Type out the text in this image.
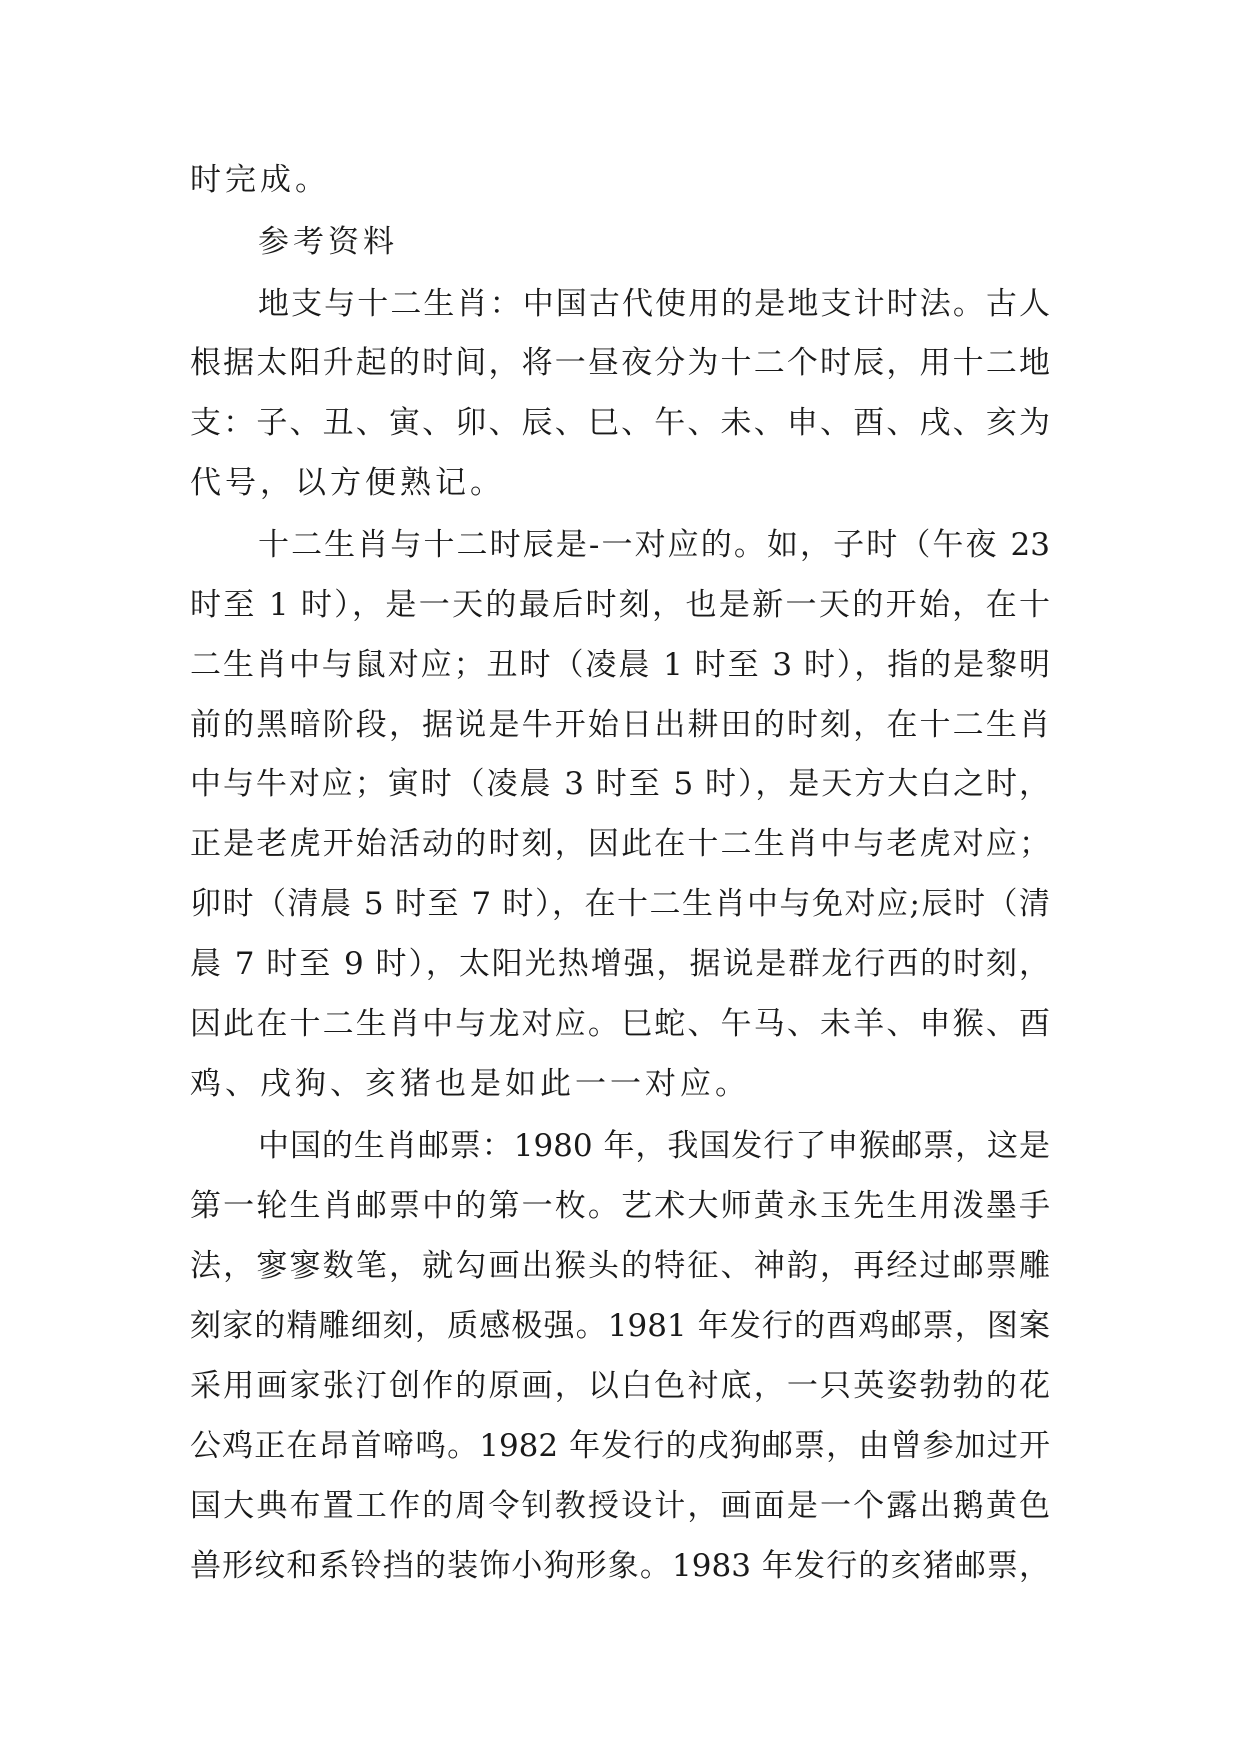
时完成。
参考资料
地支与十二生肖：中国古代使用的是地支计时法。古人
根据太阳升起的时间，将一昼夜分为十二个时辰，用十二地
支：子、丑、寅、卯、辰、巳、午、未、申、酉、戌、亥为
代号，以方便熟记。
十二生肖与十二时辰是-一对应的。如，子时（午夜 23
时至 1 时），是一天的最后时刻，也是新一天的开始，在十
二生肖中与鼠对应；丑时（凌晨 1 时至 3 时），指的是黎明
前的黑暗阶段，据说是牛开始日出耕田的时刻，在十二生肖
中与牛对应；寅时（凌晨 3 时至 5 时），是天方大白之时，
正是老虎开始活动的时刻，因此在十二生肖中与老虎对应；
卯时（清晨 5 时至 7 时），在十二生肖中与免对应;辰时（清
晨 7 时至 9 时），太阳光热增强，据说是群龙行西的时刻，
因此在十二生肖中与龙对应。巳蛇、午马、未羊、申猴、酉
鸡、戌狗、亥猪也是如此一一对应。
中国的生肖邮票：1980 年，我国发行了申猴邮票，这是
第一轮生肖邮票中的第一枚。艺术大师黄永玉先生用泼墨手
法，寥寥数笔，就勾画出猴头的特征、神韵，再经过邮票雕
刻家的精雕细刻，质感极强。1981 年发行的酉鸡邮票，图案
采用画家张汀创作的原画，以白色衬底，一只英姿勃勃的花
公鸡正在昂首啼鸣。1982 年发行的戌狗邮票，由曾参加过开
国大典布置工作的周令钊教授设计，画面是一个露出鹅黄色
兽形纹和系铃挡的装饰小狗形象。1983 年发行的亥猪邮票，
